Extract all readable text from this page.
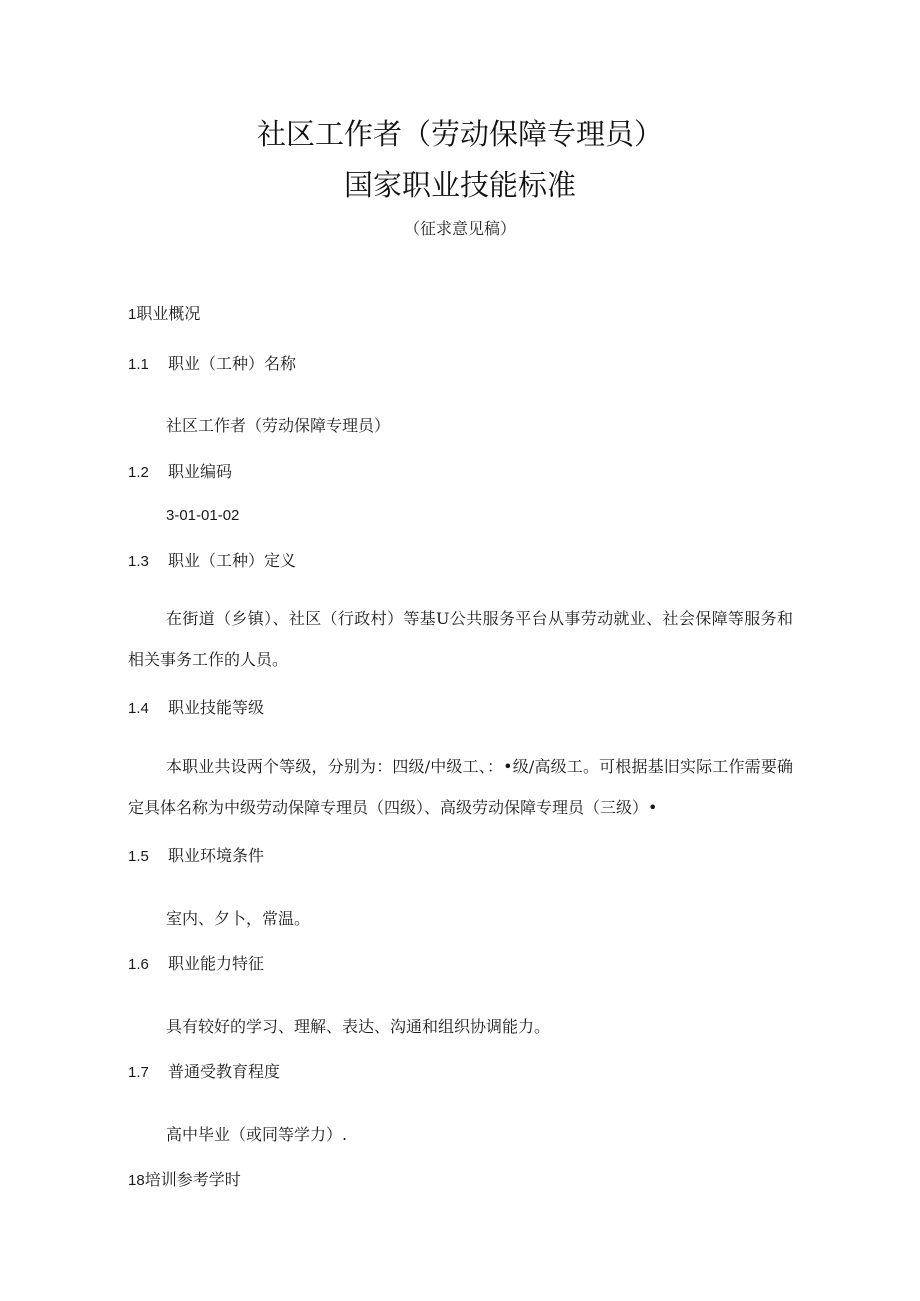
社区工作者（劳动保障专理员）
国家职业技能标准
（征求意见稿）
1职业概况
1.1 职业（工种）名称
社区工作者（劳动保障专理员）
1.2 职业编码
3-01-01-02
1.3 职业（工种）定义
在街道（乡镇）、社区（行政村）等基U公共服务平台从事劳动就业、社会保障等服务和相关事务工作的人员。
1.4 职业技能等级
本职业共设两个等级，分别为：四级/中级工、：•级/高级工。可根据基旧实际工作需要确定具体名称为中级劳动保障专理员（四级）、高级劳动保障专理员（三级）•
1.5 职业环境条件
室内、夕卜，常温。
1.6 职业能力特征
具有较好的学习、理解、表达、沟通和组织协调能力。
1.7 普通受教育程度
高中毕业（或同等学力）.
18培训参考学时
